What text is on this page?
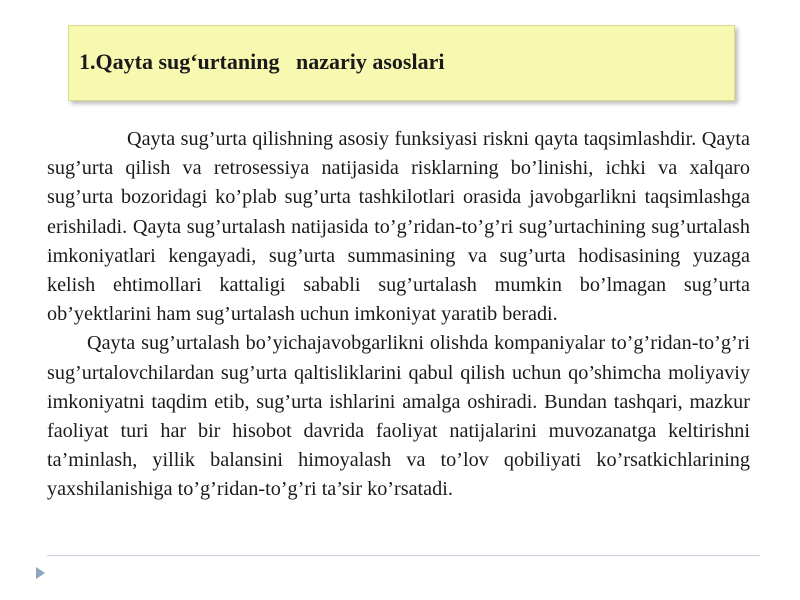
1.Qayta sug‘urtaning   nazariy asoslari

Qayta sug’urta qilishning asosiy funksiyasi riskni qayta taqsimlashdir. Qayta sug’urta qilish va retrosessiya natijasida risklarning bo’linishi, ichki va xalqaro sug’urta bozoridagi ko’plab sug’urta tashkilotlari orasida javobgarlikni taqsimlashga erishiladi. Qayta sug’urtalash natijasida to’g’ridan-to’g’ri sug’urtachining sug’urtalash imkoniyatlari kengayadi, sug’urta summasining va sug’urta hodisasining yuzaga kelish ehtimollari kattaligi sababli sug’urtalash mumkin bo’lmagan sug’urta ob’yektlarini ham sug’urtalash uchun imkoniyat yaratib beradi.

Qayta sug’urtalash bo’yichajavobgarlikni olishda kompaniyalar to’g’ridan-to’g’ri sug’urtalovchilardan sug’urta qaltisliklarini qabul qilish uchun qo’shimcha moliyaviy imkoniyatni taqdim etib, sug’urta ishlarini amalga oshiradi. Bundan tashqari, mazkur faoliyat turi har bir hisobot davrida faoliyat natijalarini muvozanatga keltirishni ta’minlash, yillik balansini himoyalash va to’lov qobiliyati ko’rsatkichlarining yaxshilanishiga to’g’ridan-to’g’ri ta’sir ko’rsatadi.
